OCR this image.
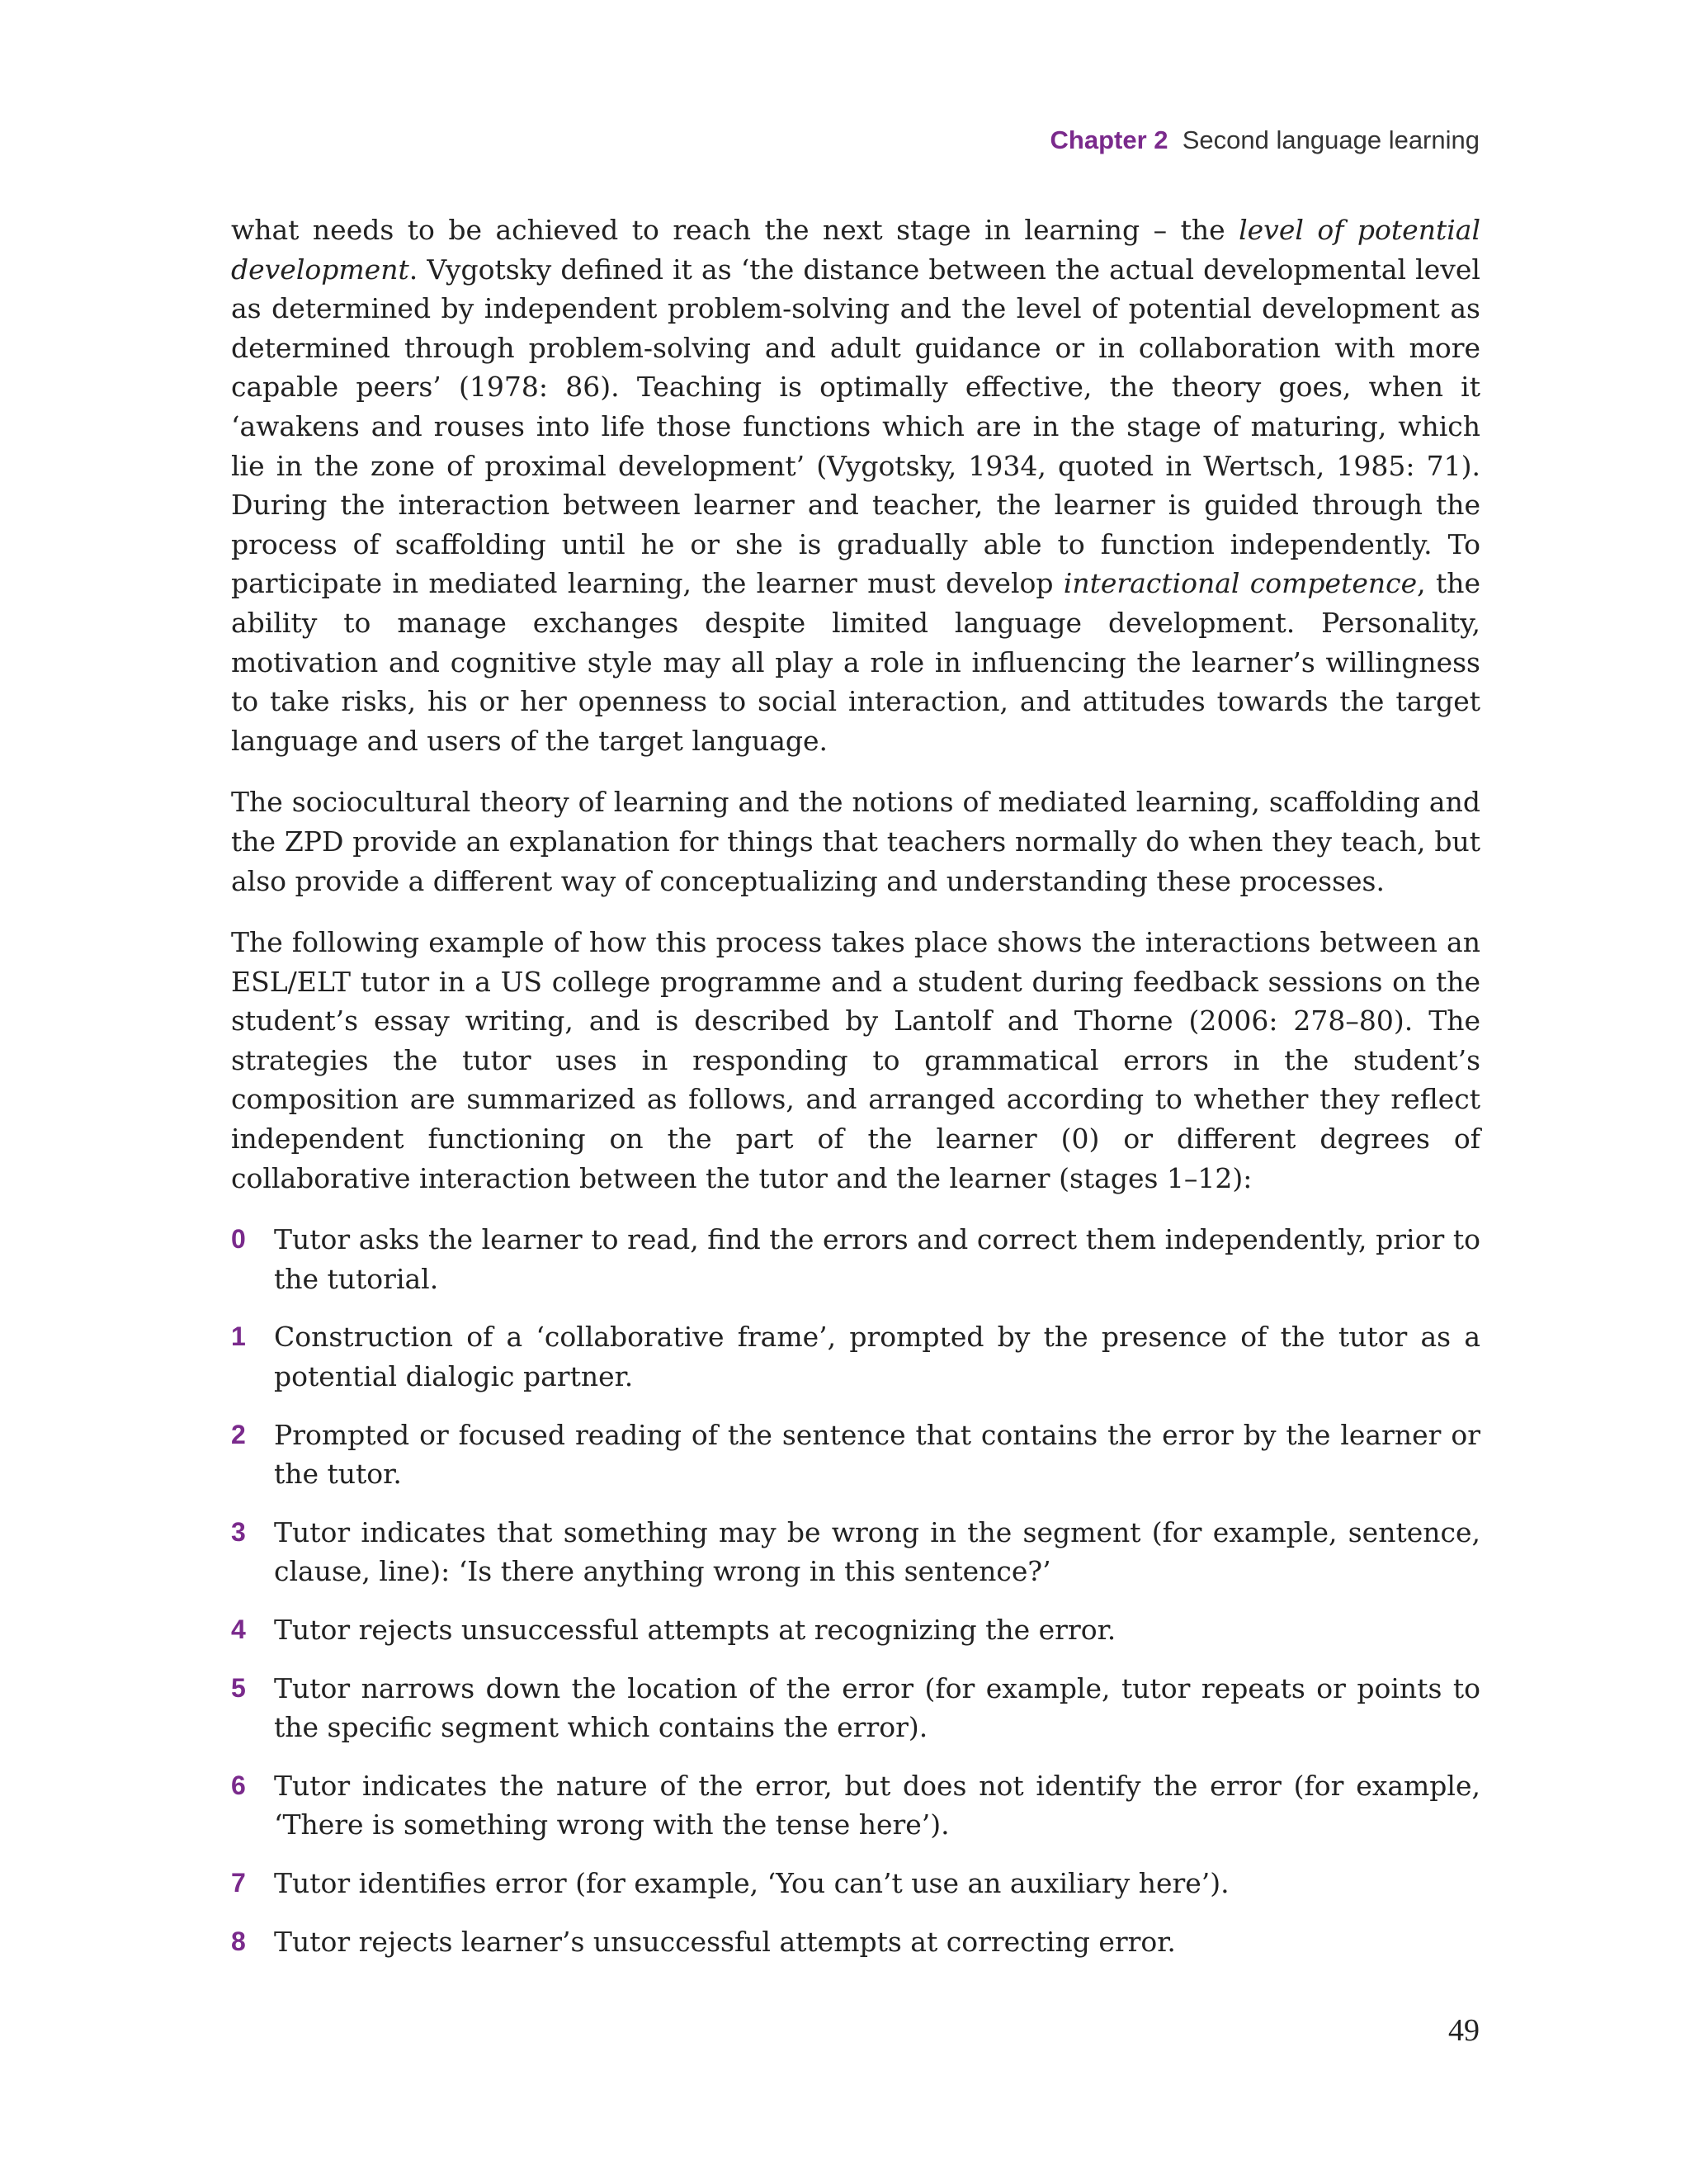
Chapter 2 Second language learning

what needs to be achieved to reach the next stage in learning – the level of potential development. Vygotsky defined it as ‘the distance between the actual developmental level as determined by independent problem-solving and the level of potential development as determined through problem-solving and adult guidance or in collaboration with more capable peers’ (1978: 86). Teaching is optimally effective, the theory goes, when it ‘awakens and rouses into life those functions which are in the stage of maturing, which lie in the zone of proximal development’ (Vygotsky, 1934, quoted in Wertsch, 1985: 71). During the interaction between learner and teacher, the learner is guided through the process of scaffolding until he or she is gradually able to function independently. To participate in mediated learning, the learner must develop interactional competence, the ability to manage exchanges despite limited language development. Personality, motivation and cognitive style may all play a role in influencing the learner’s willingness to take risks, his or her openness to social interaction, and attitudes towards the target language and users of the target language.

The sociocultural theory of learning and the notions of mediated learning, scaffolding and the ZPD provide an explanation for things that teachers normally do when they teach, but also provide a different way of conceptualizing and understanding these processes.

The following example of how this process takes place shows the interactions between an ESL/ELT tutor in a US college programme and a student during feedback sessions on the student’s essay writing, and is described by Lantolf and Thorne (2006: 278–80). The strategies the tutor uses in responding to grammatical errors in the student’s composition are summarized as follows, and arranged according to whether they reflect independent functioning on the part of the learner (0) or different degrees of collaborative interaction between the tutor and the learner (stages 1–12):

0 Tutor asks the learner to read, find the errors and correct them independently, prior to the tutorial.
1 Construction of a ‘collaborative frame’, prompted by the presence of the tutor as a potential dialogic partner.
2 Prompted or focused reading of the sentence that contains the error by the learner or the tutor.
3 Tutor indicates that something may be wrong in the segment (for example, sentence, clause, line): ‘Is there anything wrong in this sentence?’
4 Tutor rejects unsuccessful attempts at recognizing the error.
5 Tutor narrows down the location of the error (for example, tutor repeats or points to the specific segment which contains the error).
6 Tutor indicates the nature of the error, but does not identify the error (for example, ‘There is something wrong with the tense here’).
7 Tutor identifies error (for example, ‘You can’t use an auxiliary here’).
8 Tutor rejects learner’s unsuccessful attempts at correcting error.
49
